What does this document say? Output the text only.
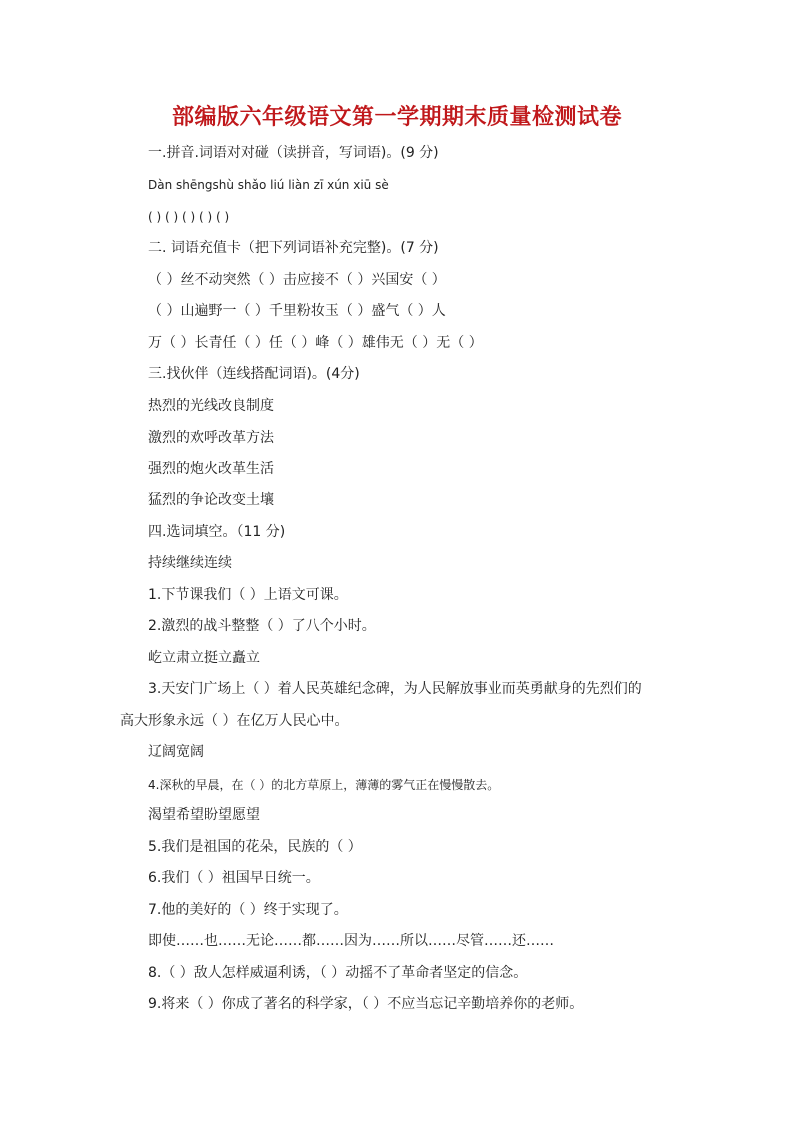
部编版六年级语文第一学期期末质量检测试卷
一.拼音.词语对对碰（读拼音，写词语)。(9 分)
Dàn shēngshù shǎo liú liàn zī xún xiū sè
( ) ( ) ( ) ( ) ( )
二. 词语充值卡（把下列词语补充完整)。(7 分)
（ ）丝不动突然（ ）击应接不（ ）兴国安（ ）
（ ）山遍野一（ ）千里粉妆玉（ ）盛气（ ）人
万（ ）长青任（ ）任（ ）峰（ ）雄伟无（ ）无（ ）
三.找伙伴（连线搭配词语)。(4分)
热烈的光线改良制度
激烈的欢呼改革方法
强烈的炮火改革生活
猛烈的争论改变土壤
四.选词填空。（11 分)
持续继续连续
1.下节课我们（ ）上语文可课。
2.激烈的战斗整整（ ）了八个小时。
屹立肃立挺立矗立
3.天安门广场上（ ）着人民英雄纪念碑，为人民解放事业而英勇献身的先烈们的
高大形象永远（ ）在亿万人民心中。
辽阔宽阔
4.深秋的早晨，在（ ）的北方草原上，薄薄的雾气正在慢慢散去。
渴望希望盼望愿望
5.我们是祖国的花朵，民族的（ ）
6.我们（ ）祖国早日统一。
7.他的美好的（ ）终于实现了。
即使……也……无论……都……因为……所以……尽管……还……
8.（ ）敌人怎样威逼利诱，（ ）动摇不了革命者坚定的信念。
9.将来（ ）你成了著名的科学家，（ ）不应当忘记辛勤培养你的老师。
